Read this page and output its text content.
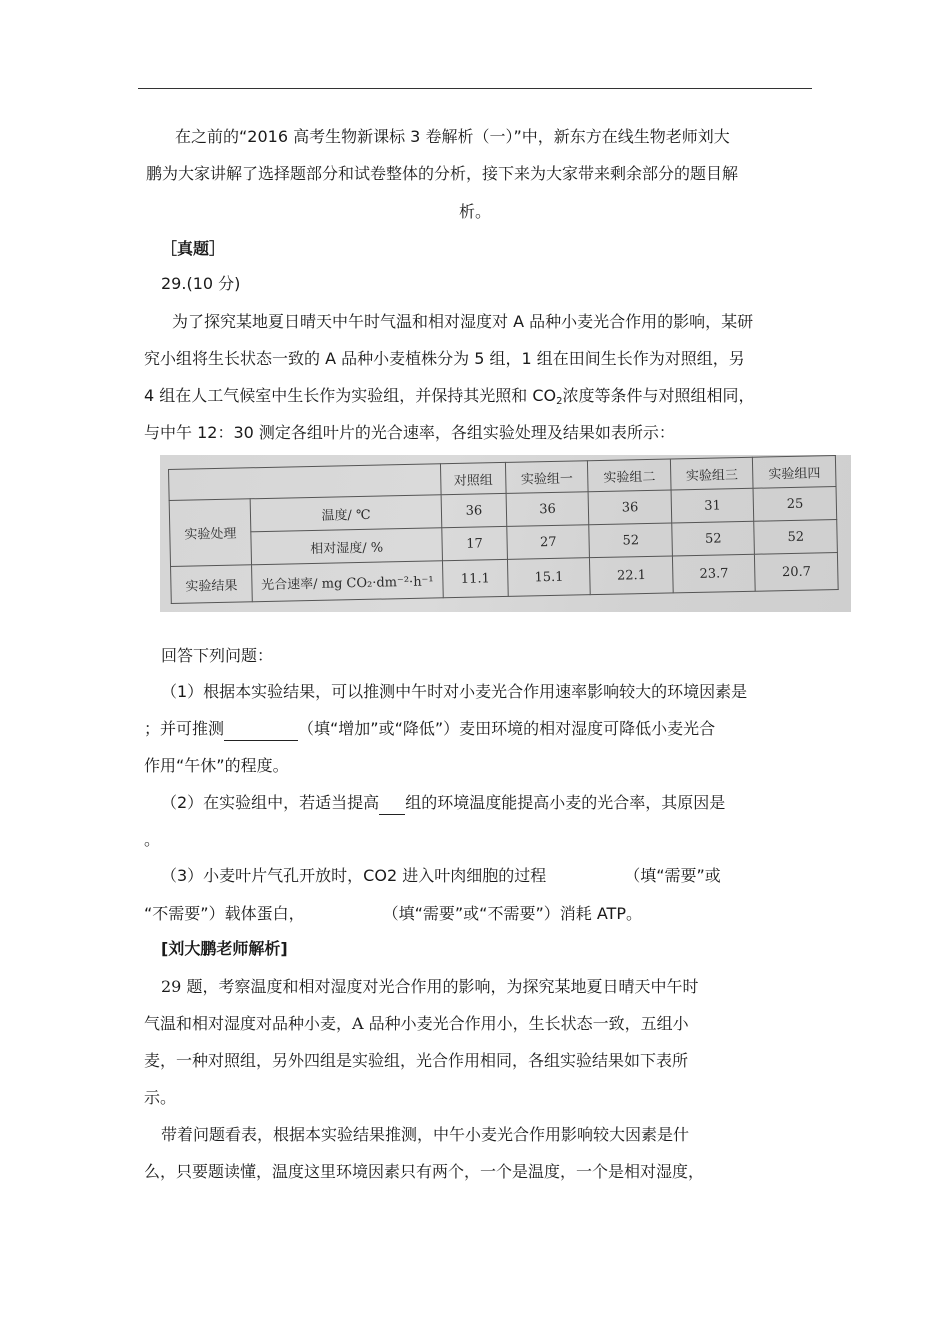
在之前的“2016 高考生物新课标 3 卷解析（一）”中，新东方在线生物老师刘大
鹏为大家讲解了选择题部分和试卷整体的分析，接下来为大家带来剩余部分的题目解
析。
［真题］
29.(10 分)
为了探究某地夏日晴天中午时气温和相对湿度对 A 品种小麦光合作用的影响，某研
究小组将生长状态一致的 A 品种小麦植株分为 5 组，1 组在田间生长作为对照组，另
4 组在人工气候室中生长作为实验组，并保持其光照和 $CO_2$浓度等条件与对照组相同，
与中午 12：30 测定各组叶片的光合速率，各组实验处理及结果如表所示：
		对照组	实验组一	实验组二	实验组三	实验组四
实验处理	温度/ ℃	36	36	36	31	25
	相对湿度/ %	17	27	52	52	52
实验结果	光合速率/ mg CO₂·dm⁻²·h⁻¹	11.1	15.1	22.1	23.7	20.7
回答下列问题：
（1）根据本实验结果，可以推测中午时对小麦光合作用速率影响较大的环境因素是
；并可推测	（填“增加”或“降低”）麦田环境的相对湿度可降低小麦光合
作用“午休”的程度。
（2）在实验组中，若适当提高 组的环境温度能提高小麦的光合率，其原因是
。
（3）小麦叶片气孔开放时，CO2 进入叶肉细胞的过程	（填“需要”或
“不需要”）载体蛋白，	（填“需要”或“不需要”）消耗 ATP。
[刘大鹏老师解析]
29 题，考察温度和相对湿度对光合作用的影响，为探究某地夏日晴天中午时
气温和相对湿度对品种小麦，A 品种小麦光合作用小，生长状态一致，五组小
麦，一种对照组，另外四组是实验组，光合作用相同，各组实验结果如下表所
示。
带着问题看表，根据本实验结果推测，中午小麦光合作用影响较大因素是什
么，只要题读懂，温度这里环境因素只有两个，一个是温度，一个是相对湿度，
